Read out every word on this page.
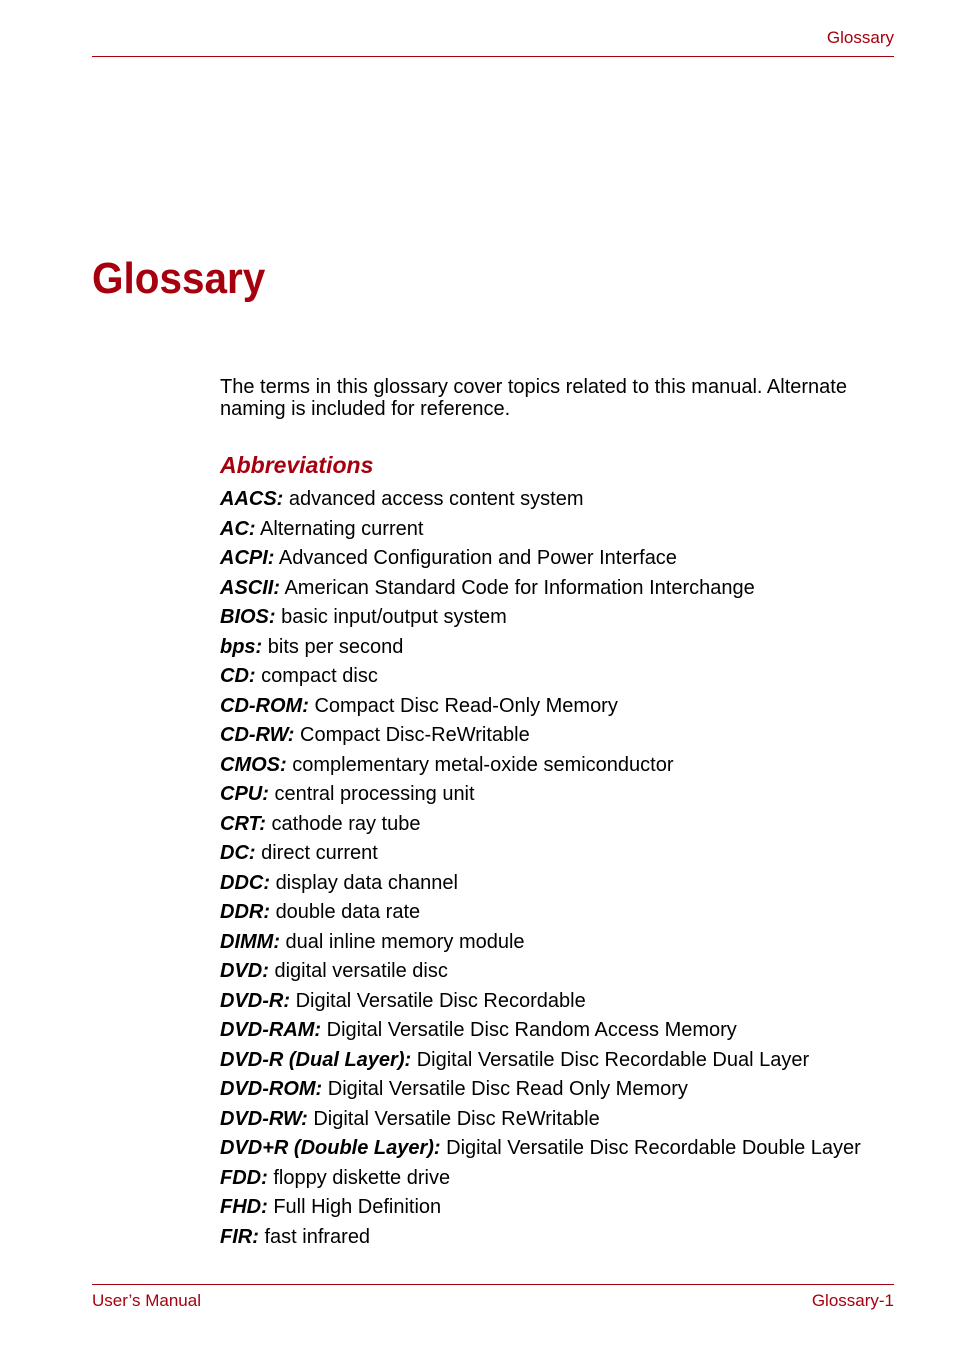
Glossary
Glossary

The terms in this glossary cover topics related to this manual. Alternate naming is included for reference.

Abbreviations
AACS: advanced access content system
AC: Alternating current
ACPI: Advanced Configuration and Power Interface
ASCII: American Standard Code for Information Interchange
BIOS: basic input/output system
bps: bits per second
CD: compact disc
CD-ROM: Compact Disc Read-Only Memory
CD-RW: Compact Disc-ReWritable
CMOS: complementary metal-oxide semiconductor
CPU: central processing unit
CRT: cathode ray tube
DC: direct current
DDC: display data channel
DDR: double data rate
DIMM: dual inline memory module
DVD: digital versatile disc
DVD-R: Digital Versatile Disc Recordable
DVD-RAM: Digital Versatile Disc Random Access Memory
DVD-R (Dual Layer): Digital Versatile Disc Recordable Dual Layer
DVD-ROM: Digital Versatile Disc Read Only Memory
DVD-RW: Digital Versatile Disc ReWritable
DVD+R (Double Layer): Digital Versatile Disc Recordable Double Layer
FDD: floppy diskette drive
FHD: Full High Definition
FIR: fast infrared
User’s Manual	Glossary-1
